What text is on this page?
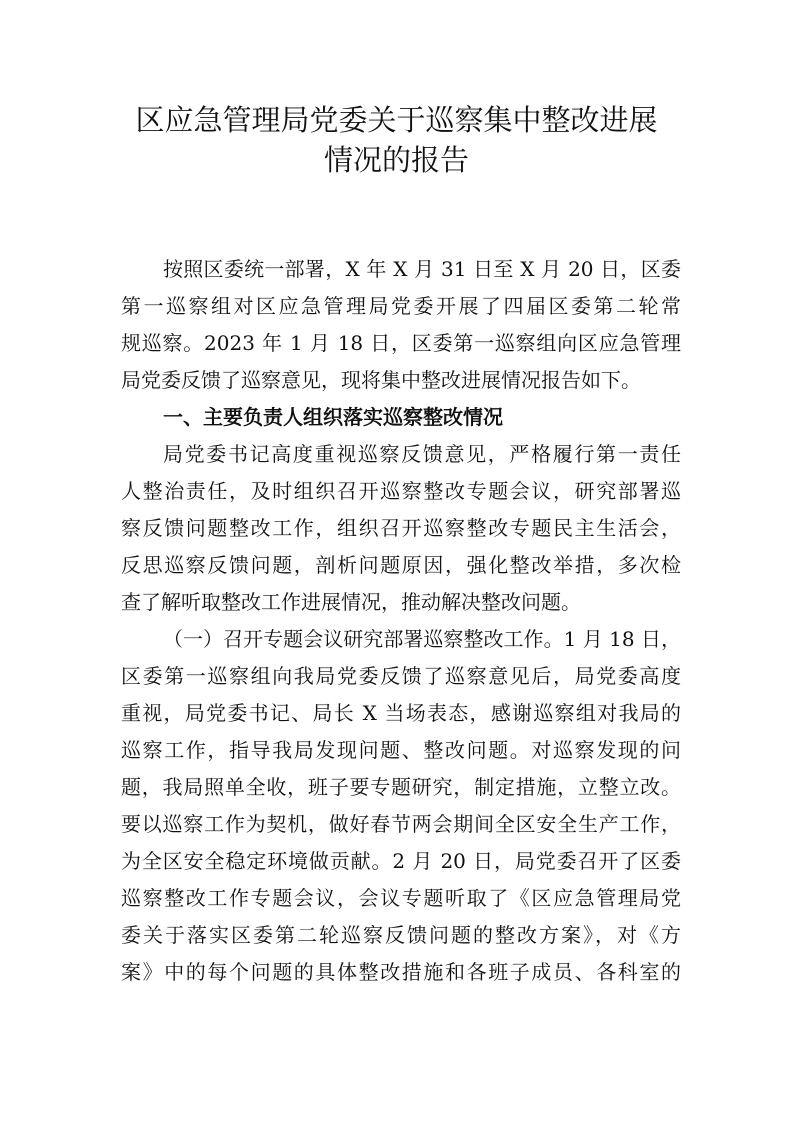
区应急管理局党委关于巡察集中整改进展
情况的报告
按照区委统一部署，X 年 X 月 31 日至 X 月 20 日，区委
第一巡察组对区应急管理局党委开展了四届区委第二轮常
规巡察。2023 年 1 月 18 日，区委第一巡察组向区应急管理
局党委反馈了巡察意见，现将集中整改进展情况报告如下。
一、主要负责人组织落实巡察整改情况
局党委书记高度重视巡察反馈意见，严格履行第一责任
人整治责任，及时组织召开巡察整改专题会议，研究部署巡
察反馈问题整改工作，组织召开巡察整改专题民主生活会，
反思巡察反馈问题，剖析问题原因，强化整改举措，多次检
查了解听取整改工作进展情况，推动解决整改问题。
（一）召开专题会议研究部署巡察整改工作。1 月 18 日，
区委第一巡察组向我局党委反馈了巡察意见后，局党委高度
重视，局党委书记、局长 X 当场表态，感谢巡察组对我局的
巡察工作，指导我局发现问题、整改问题。对巡察发现的问
题，我局照单全收，班子要专题研究，制定措施，立整立改。
要以巡察工作为契机，做好春节两会期间全区安全生产工作，
为全区安全稳定环境做贡献。2 月 20 日，局党委召开了区委
巡察整改工作专题会议，会议专题听取了《区应急管理局党
委关于落实区委第二轮巡察反馈问题的整改方案》，对《方
案》中的每个问题的具体整改措施和各班子成员、各科室的
